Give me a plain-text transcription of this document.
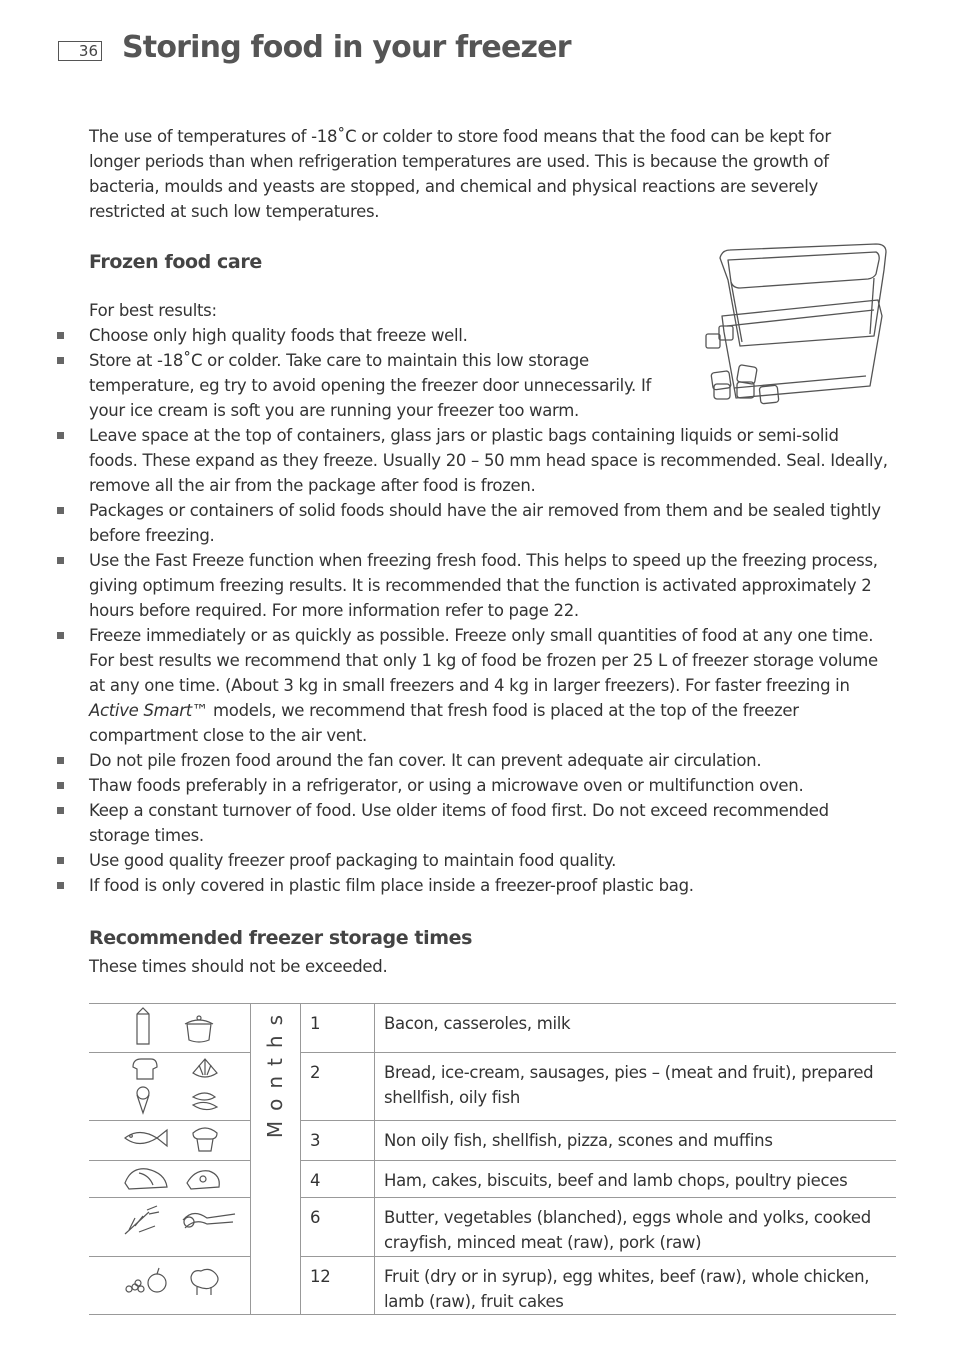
36 Storing food in your freezer

The use of temperatures of -18˚C or colder to store food means that the food can be kept for longer periods than when refrigeration temperatures are used. This is because the growth of bacteria, moulds and yeasts are stopped, and chemical and physical reactions are severely restricted at such low temperatures.

Frozen food care
For best results:
Choose only high quality foods that freeze well.
Store at -18˚C or colder. Take care to maintain this low storage temperature, eg try to avoid opening the freezer door unnecessarily. If your ice cream is soft you are running your freezer too warm.
Leave space at the top of containers, glass jars or plastic bags containing liquids or semi-solid foods. These expand as they freeze. Usually 20 – 50 mm head space is recommended. Seal. Ideally, remove all the air from the package after food is frozen.
Packages or containers of solid foods should have the air removed from them and be sealed tightly before freezing.
Use the Fast Freeze function when freezing fresh food. This helps to speed up the freezing process, giving optimum freezing results. It is recommended that the function is activated approximately 2 hours before required. For more information refer to page 22.
Freeze immediately or as quickly as possible. Freeze only small quantities of food at any one time. For best results we recommend that only 1 kg of food be frozen per 25 L of freezer storage volume at any one time. (About 3 kg in small freezers and 4 kg in larger freezers). For faster freezing in Active Smart™ models, we recommend that fresh food is placed at the top of the freezer compartment close to the air vent.
Do not pile frozen food around the fan cover. It can prevent adequate air circulation.
Thaw foods preferably in a refrigerator, or using a microwave oven or multifunction oven.
Keep a constant turnover of food. Use older items of food first. Do not exceed recommended storage times.
Use good quality freezer proof packaging to maintain food quality.
If food is only covered in plastic film place inside a freezer-proof plastic bag.
Recommended freezer storage times
These times should not be exceeded.
	Months	1	Bacon, casseroles, milk
	2	Bread, ice-cream, sausages, pies – (meat and fruit), prepared shellfish, oily fish
	3	Non oily fish, shellfish, pizza, scones and muffins
	4	Ham, cakes, biscuits, beef and lamb chops, poultry pieces
	6	Butter, vegetables (blanched), eggs whole and yolks, cooked crayfish, minced meat (raw), pork (raw)
	12	Fruit (dry or in syrup), egg whites, beef (raw), whole chicken, lamb (raw), fruit cakes
